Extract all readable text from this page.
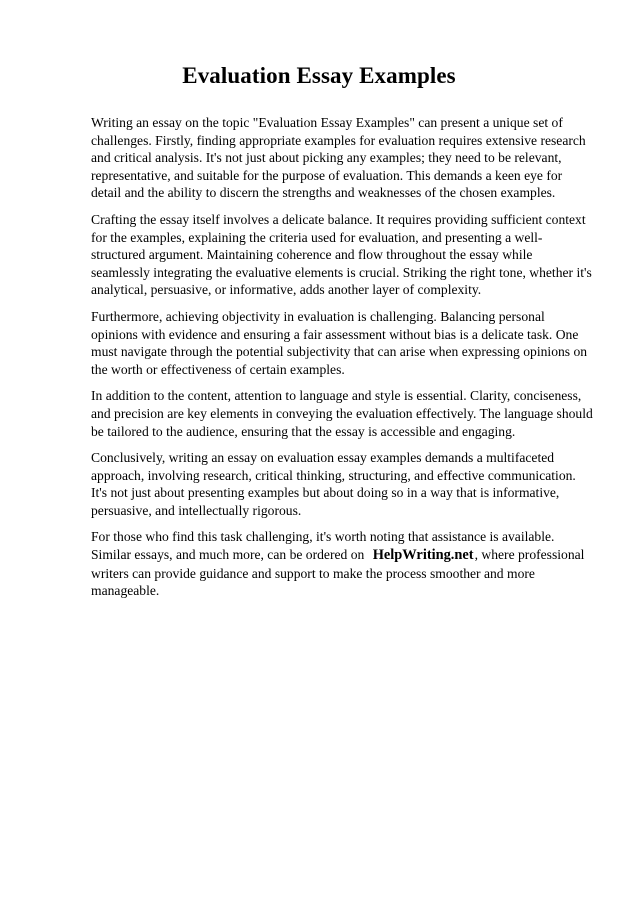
Evaluation Essay Examples

Writing an essay on the topic "Evaluation Essay Examples" can present a unique set of challenges. Firstly, finding appropriate examples for evaluation requires extensive research and critical analysis. It's not just about picking any examples; they need to be relevant, representative, and suitable for the purpose of evaluation. This demands a keen eye for detail and the ability to discern the strengths and weaknesses of the chosen examples.

Crafting the essay itself involves a delicate balance. It requires providing sufficient context for the examples, explaining the criteria used for evaluation, and presenting a well-structured argument. Maintaining coherence and flow throughout the essay while seamlessly integrating the evaluative elements is crucial. Striking the right tone, whether it's analytical, persuasive, or informative, adds another layer of complexity.

Furthermore, achieving objectivity in evaluation is challenging. Balancing personal opinions with evidence and ensuring a fair assessment without bias is a delicate task. One must navigate through the potential subjectivity that can arise when expressing opinions on the worth or effectiveness of certain examples.

In addition to the content, attention to language and style is essential. Clarity, conciseness, and precision are key elements in conveying the evaluation effectively. The language should be tailored to the audience, ensuring that the essay is accessible and engaging.

Conclusively, writing an essay on evaluation essay examples demands a multifaceted approach, involving research, critical thinking, structuring, and effective communication. It's not just about presenting examples but about doing so in a way that is informative, persuasive, and intellectually rigorous.

For those who find this task challenging, it's worth noting that assistance is available. Similar essays, and much more, can be ordered on HelpWriting.net, where professional writers can provide guidance and support to make the process smoother and more manageable.
